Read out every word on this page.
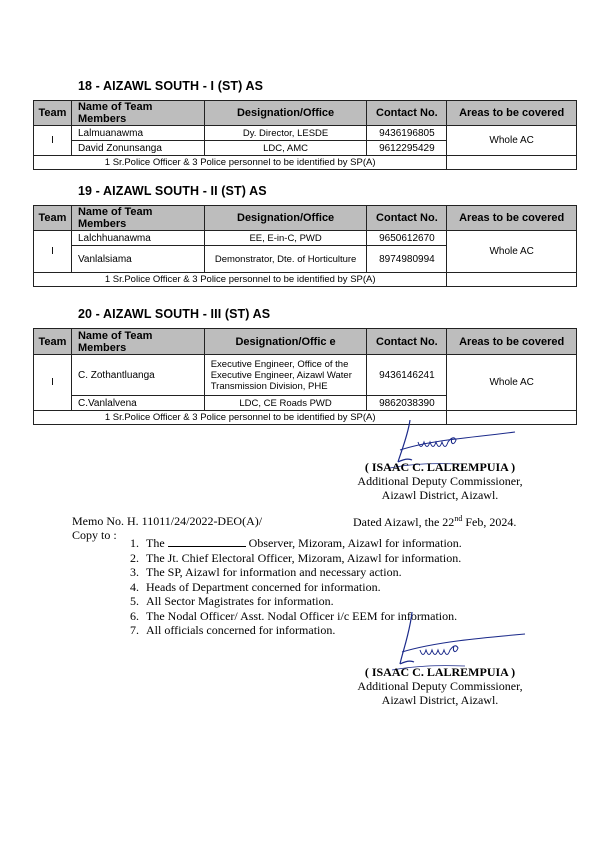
18 - AIZAWL SOUTH - I (ST) AS
Team	Name of Team Members	Designation/Office	Contact No.	Areas to be covered
I	Lalmuanawma	Dy. Director, LESDE	9436196805	Whole AC
	David Zonunsanga	LDC, AMC	9612295429	
1 Sr.Police Officer & 3 Police personnel to be identified by SP(A)				
19 - AIZAWL SOUTH - II (ST) AS
Team	Name of Team Members	Designation/Office	Contact No.	Areas to be covered
I	Lalchhuanawma	EE, E-in-C, PWD	9650612670	Whole AC
	Vanlalsiama	Demonstrator, Dte. of Horticulture	8974980994	
1 Sr.Police Officer & 3 Police personnel to be identified by SP(A)				
20 - AIZAWL SOUTH - III (ST) AS
Team	Name of Team Members	Designation/Offic e	Contact No.	Areas to be covered
I	C. Zothantluanga	Executive Engineer, Office of the Executive Engineer, Aizawl Water Transmission Division, PHE	9436146241	Whole AC
	C.Vanlalvena	LDC, CE Roads PWD	9862038390	
1 Sr.Police Officer & 3 Police personnel to be identified by SP(A)				
( ISAAC C. LALREMPUIA )
Additional Deputy Commissioner,
Aizawl District, Aizawl.
Memo No. H. 11011/24/2022-DEO(A)/	Dated Aizawl, the 22nd Feb, 2024.
Copy to :
1. The	Observer, Mizoram, Aizawl for information.
2. The Jt. Chief Electoral Officer, Mizoram, Aizawl for information.
3. The SP, Aizawl for information and necessary action.
4. Heads of Department concerned for information.
5. All Sector Magistrates for information.
6. The Nodal Officer/ Asst. Nodal Officer i/c EEM for information.
7. All officials concerned for information.
( ISAAC C. LALREMPUIA )
Additional Deputy Commissioner,
Aizawl District, Aizawl.
